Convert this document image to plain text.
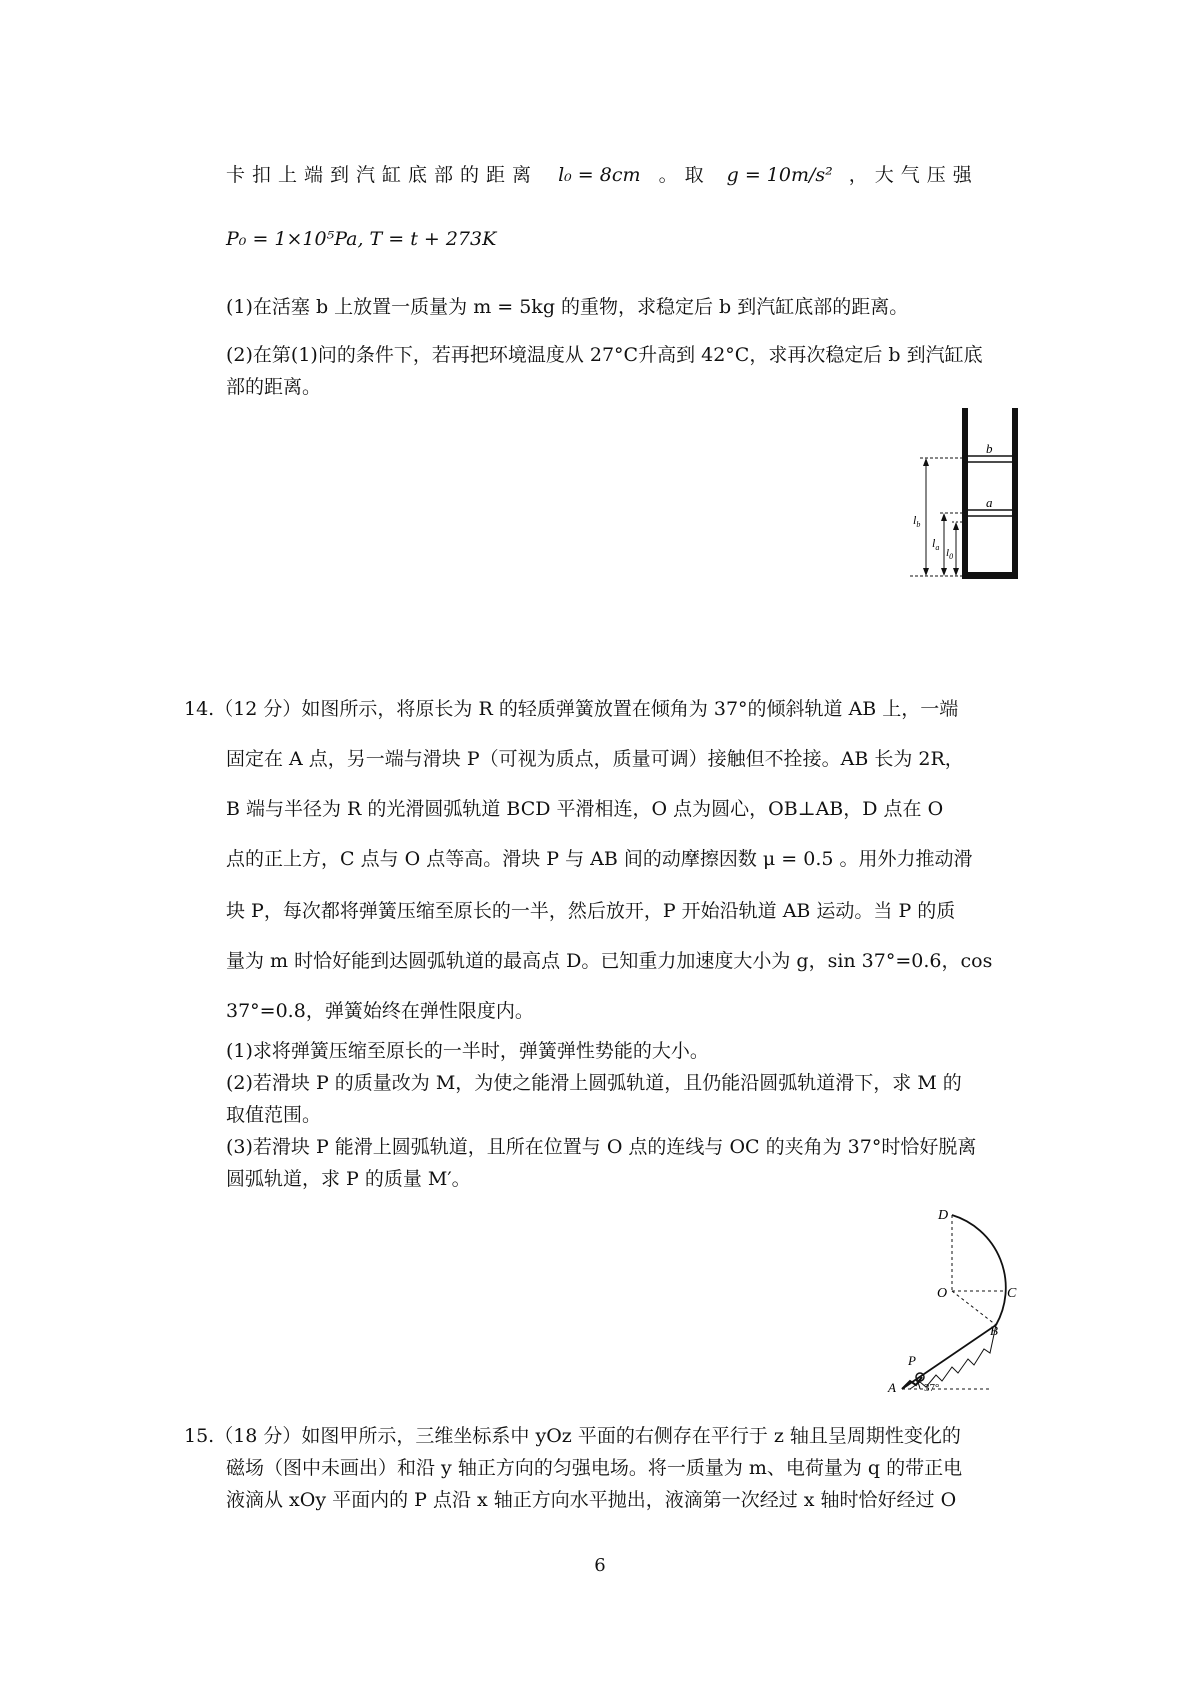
卡扣上端到汽缸底部的距离 l₀ = 8cm 。取 g = 10m/s² ，大气压强
P₀ = 1×10⁵Pa, T = t + 273K
(1)在活塞 b 上放置一质量为 m = 5kg 的重物，求稳定后 b 到汽缸底部的距离。
(2)在第(1)问的条件下，若再把环境温度从 27°C升高到 42°C，求再次稳定后 b 到汽缸底
部的距离。
b
a
$l_b$
$l_a$ $l_0$
14.（12 分）如图所示，将原长为 R 的轻质弹簧放置在倾角为 37°的倾斜轨道 AB 上，一端
固定在 A 点，另一端与滑块 P（可视为质点，质量可调）接触但不拴接。AB 长为 2R，
B 端与半径为 R 的光滑圆弧轨道 BCD 平滑相连，O 点为圆心，OB⊥AB，D 点在 O
点的正上方，C 点与 O 点等高。滑块 P 与 AB 间的动摩擦因数 μ = 0.5 。用外力推动滑
块 P，每次都将弹簧压缩至原长的一半，然后放开，P 开始沿轨道 AB 运动。当 P 的质
量为 m 时恰好能到达圆弧轨道的最高点 D。已知重力加速度大小为 g，sin 37°=0.6，cos
37°=0.8，弹簧始终在弹性限度内。
(1)求将弹簧压缩至原长的一半时，弹簧弹性势能的大小。
(2)若滑块 P 的质量改为 M，为使之能滑上圆弧轨道，且仍能沿圆弧轨道滑下，求 M 的
取值范围。
(3)若滑块 P 能滑上圆弧轨道，且所在位置与 O 点的连线与 OC 的夹角为 37°时恰好脱离
圆弧轨道，求 P 的质量 M′。
D
O	C
B
P
A	37°
15.（18 分）如图甲所示，三维坐标系中 yOz 平面的右侧存在平行于 z 轴且呈周期性变化的
磁场（图中未画出）和沿 y 轴正方向的匀强电场。将一质量为 m、电荷量为 q 的带正电
液滴从 xOy 平面内的 P 点沿 x 轴正方向水平抛出，液滴第一次经过 x 轴时恰好经过 O
6
